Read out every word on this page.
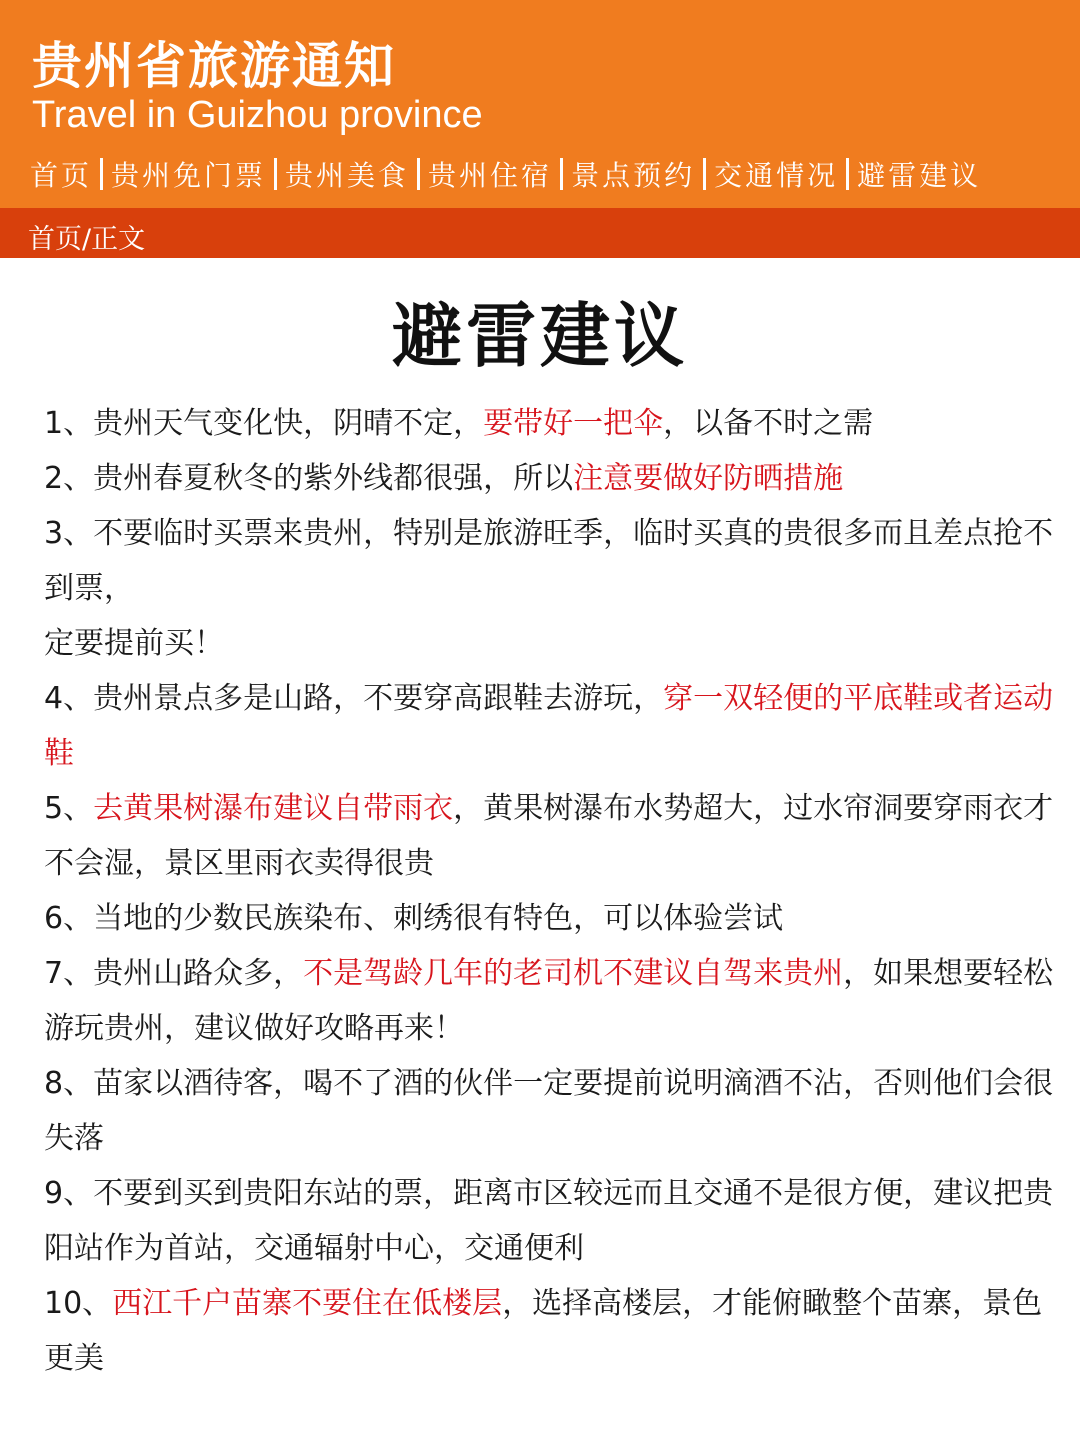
贵州省旅游通知
Travel in Guizhou province
首页 贵州免门票 贵州美食 贵州住宿 景点预约 交通情况 避雷建议
首页/正文
避雷建议

1、贵州天气变化快，阴晴不定，要带好一把伞，以备不时之需

2、贵州春夏秋冬的紫外线都很强，所以注意要做好防晒措施

3、不要临时买票来贵州，特别是旅游旺季，临时买真的贵很多而且差点抢不到票，

定要提前买！

4、贵州景点多是山路，不要穿高跟鞋去游玩，穿一双轻便的平底鞋或者运动鞋

5、去黄果树瀑布建议自带雨衣，黄果树瀑布水势超大，过水帘洞要穿雨衣才不会湿，景区里雨衣卖得很贵

6、当地的少数民族染布、刺绣很有特色，可以体验尝试

7、贵州山路众多，不是驾龄几年的老司机不建议自驾来贵州，如果想要轻松游玩贵州，建议做好攻略再来！

8、苗家以酒待客，喝不了酒的伙伴一定要提前说明滴酒不沾，否则他们会很失落

9、不要到买到贵阳东站的票，距离市区较远而且交通不是很方便，建议把贵阳站作为首站，交通辐射中心，交通便利

10、西江千户苗寨不要住在低楼层，选择高楼层，才能俯瞰整个苗寨，景色更美
